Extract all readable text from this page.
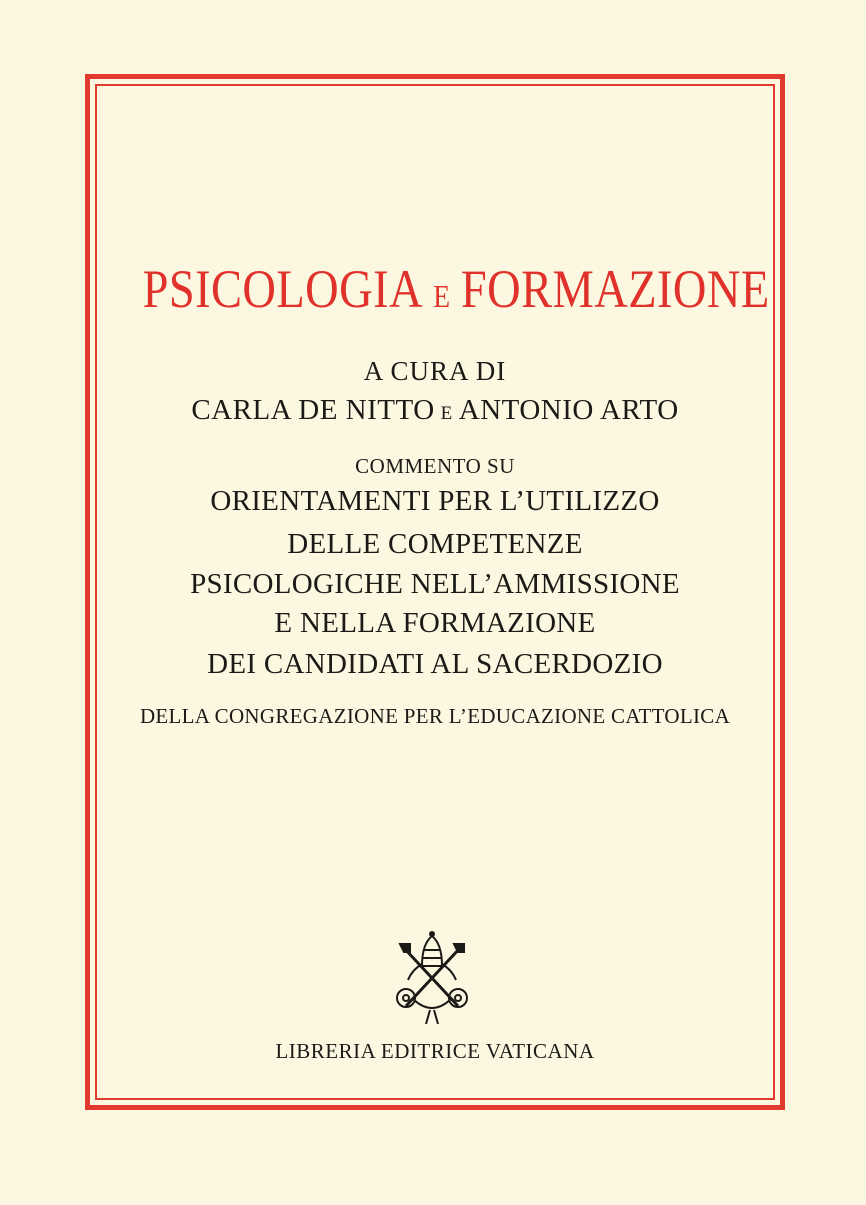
PSICOLOGIA E FORMAZIONE
A CURA DI
CARLA DE NITTO E ANTONIO ARTO
COMMENTO SU
ORIENTAMENTI PER L’UTILIZZO
DELLE COMPETENZE
PSICOLOGICHE NELL’AMMISSIONE
E NELLA FORMAZIONE
DEI CANDIDATI AL SACERDOZIO
DELLA CONGREGAZIONE PER L’EDUCAZIONE CATTOLICA
LIBRERIA EDITRICE VATICANA
